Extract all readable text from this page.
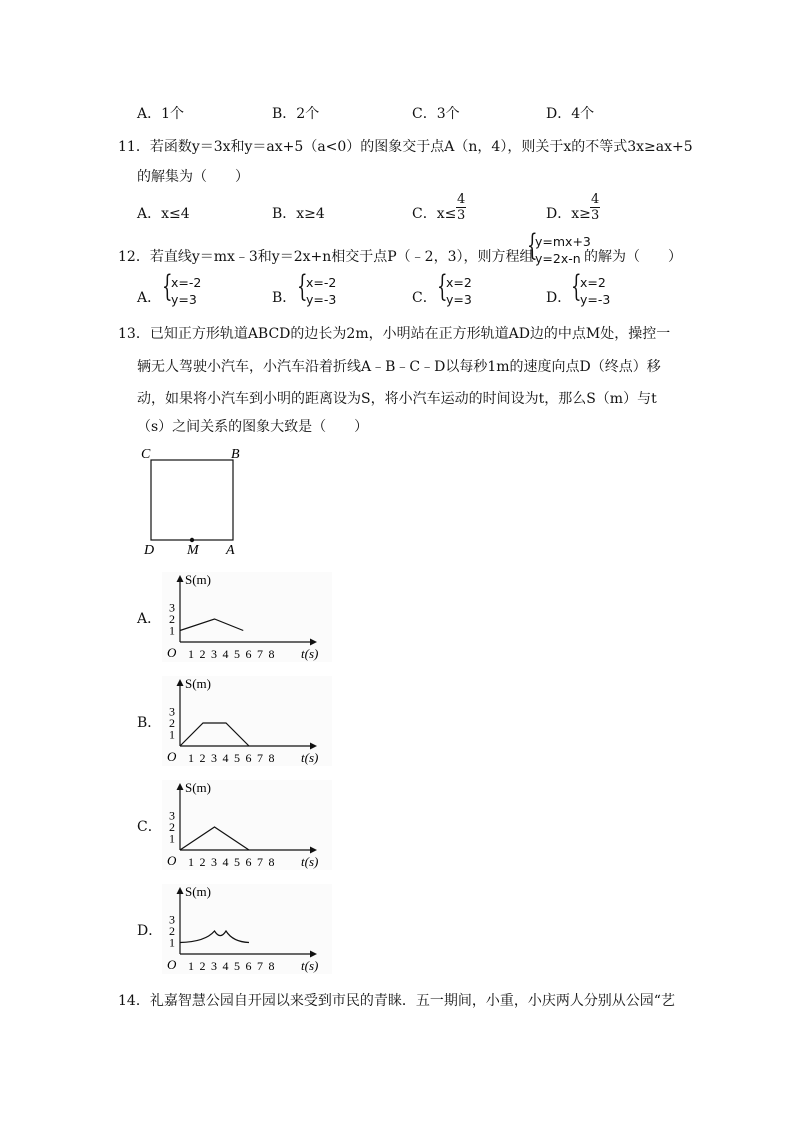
A．1个	B．2个	C．3个	D．4个
11．若函数y＝3x和y＝ax+5（a<0）的图象交于点A（n，4），则关于x的不等式3x≥ax+5
的解集为（　　）
A．x≤4	B．x≥4	C．$x\le \frac{4}{3}$	D．$x\ge \frac{4}{3}$
12．若直线y＝mx﹣3和y＝2x+n相交于点P（﹣2，3），则方程组
{
y=mx+3
y=2x-n 的解为（　　）
A． {
x=-2
y=3	B． {
x=-2
y=-3	C． {
x=2
y=3	D． {
x=2
y=-3
13．已知正方形轨道ABCD的边长为2m，小明站在正方形轨道AD边的中点M处，操控一
辆无人驾驶小汽车，小汽车沿着折线A﹣B﹣C﹣D以每秒1m的速度向点D（终点）移
动，如果将小汽车到小明的距离设为S，将小汽车运动的时间设为t，那么S（m）与t
（s）之间关系的图象大致是（　　）
C	B
D M A
A．
B．
C．
D．
S(m)
t(s)
O
1
2
3
1 2 3 4 5 6 7 8
S(m)
t(s)
O
1
2
3
1 2 3 4 5 6 7 8
S(m)
t(s)
O
1
2
3
1 2 3 4 5 6 7 8
S(m)
t(s)
O
1
2
3
1 2 3 4 5 6 7 8
14．礼嘉智慧公园自开园以来受到市民的青睐．五一期间，小重，小庆两人分别从公园“艺
